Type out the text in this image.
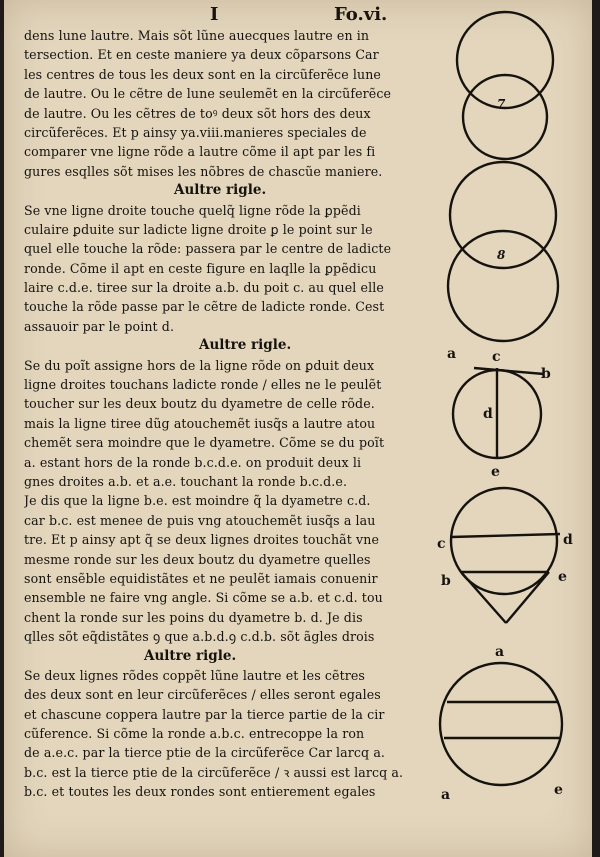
I	Fo.vi.
dens lune lautre. Mais sõt lũne auecques lautre en in
tersection. Et en ceste maniere ya deux cõparsons Car
les centres de tous les deux sont en la circũferẽce lune
de lautre. Ou le cẽtre de lune seulemẽt en la circũferẽce
de lautre. Ou les cẽtres de toꝰ deux sõt hors des deux
circũferẽces. Et p ainsy ya.viii.manieres speciales de
comparer vne ligne rõde a lautre cõme il apt par les fi
gures esqlles sõt mises les nõbres de chascũe maniere.
Aultre rigle.
Se vne ligne droite touche quelq̃ ligne rõde la ꝑpẽdi
culaire ꝑduite sur ladicte ligne droite ꝑ le point sur le
quel elle touche la rõde: passera par le centre de ladicte
ronde. Cõme il apt en ceste figure en laqlle la ꝑpẽdicu
laire c.d.e. tiree sur la droite a.b. du poit c. au quel elle
touche la rõde passe par le cẽtre de ladicte ronde. Cest
assauoir par le point d.
Aultre rigle.
Se du poĩt assigne hors de la ligne rõde on ꝑduit deux
ligne droites touchans ladicte ronde / elles ne le peulẽt
toucher sur les deux boutz du dyametre de celle rõde.
mais la ligne tiree dũg atouchemẽt iusq̃s a lautre atou
chemẽt sera moindre que le dyametre. Cõme se du poĩt
a. estant hors de la ronde b.c.d.e. on produit deux li
gnes droites a.b. et a.e. touchant la ronde b.c.d.e.
Je dis que la ligne b.e. est moindre q̃ la dyametre c.d.
car b.c. est menee de puis vng atouchemẽt iusq̃s a lau
tre. Et p ainsy apt q̃ se deux lignes droites touchãt vne
mesme ronde sur les deux boutz du dyametre quelles
sont ensẽble equidistãtes et ne peulẽt iamais conuenir
ensemble ne faire vng angle. Si cõme se a.b. et c.d. tou
chent la ronde sur les poins du dyametre b. d. Je dis
qlles sõt eq̃distãtes ꝯ que a.b.d.ꝯ c.d.b. sõt ãgles drois
Aultre rigle.
Se deux lignes rõdes coppẽt lũne lautre et les cẽtres
des deux sont en leur circũferẽces / elles seront egales
et chascune coppera lautre par la tierce partie de la cir
cũference. Si cõme la ronde a.b.c. entrecoppe la ron
de a.e.c. par la tierce ptie de la circũferẽce Car larcq a.
b.c. est la tierce ptie de la circũferẽce / ꝛ aussi est larcq a.
b.c. et toutes les deux rondes sont entierement egales
7
8
a	c
b
d
e
c	d
b	e
a
e
a
